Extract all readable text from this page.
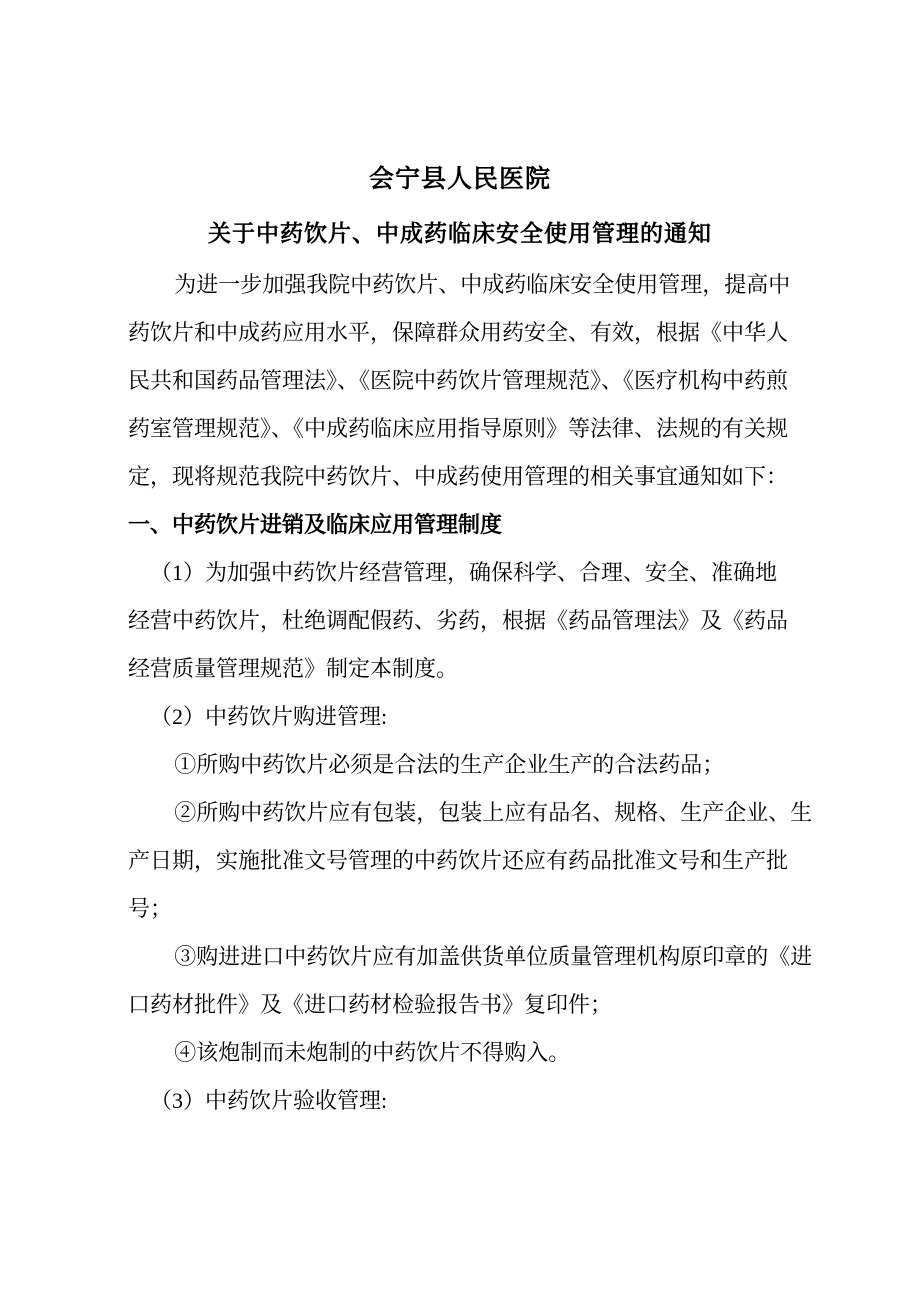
会宁县人民医院
关于中药饮片、中成药临床安全使用管理的通知
为进一步加强我院中药饮片、中成药临床安全使用管理，提高中
药饮片和中成药应用水平，保障群众用药安全、有效，根据《中华人
民共和国药品管理法》、《医院中药饮片管理规范》、《医疗机构中药煎
药室管理规范》、《中成药临床应用指导原则》等法律、法规的有关规
定，现将规范我院中药饮片、中成药使用管理的相关事宜通知如下：
一、中药饮片进销及临床应用管理制度
（1）为加强中药饮片经营管理，确保科学、合理、安全、准确地
经营中药饮片，杜绝调配假药、劣药，根据《药品管理法》及《药品
经营质量管理规范》制定本制度。
（2）中药饮片购进管理:
①所购中药饮片必须是合法的生产企业生产的合法药品；
②所购中药饮片应有包装，包装上应有品名、规格、生产企业、生
产日期，实施批准文号管理的中药饮片还应有药品批准文号和生产批
号；
③购进进口中药饮片应有加盖供货单位质量管理机构原印章的《进
口药材批件》及《进口药材检验报告书》复印件；
④该炮制而未炮制的中药饮片不得购入。
（3）中药饮片验收管理:
